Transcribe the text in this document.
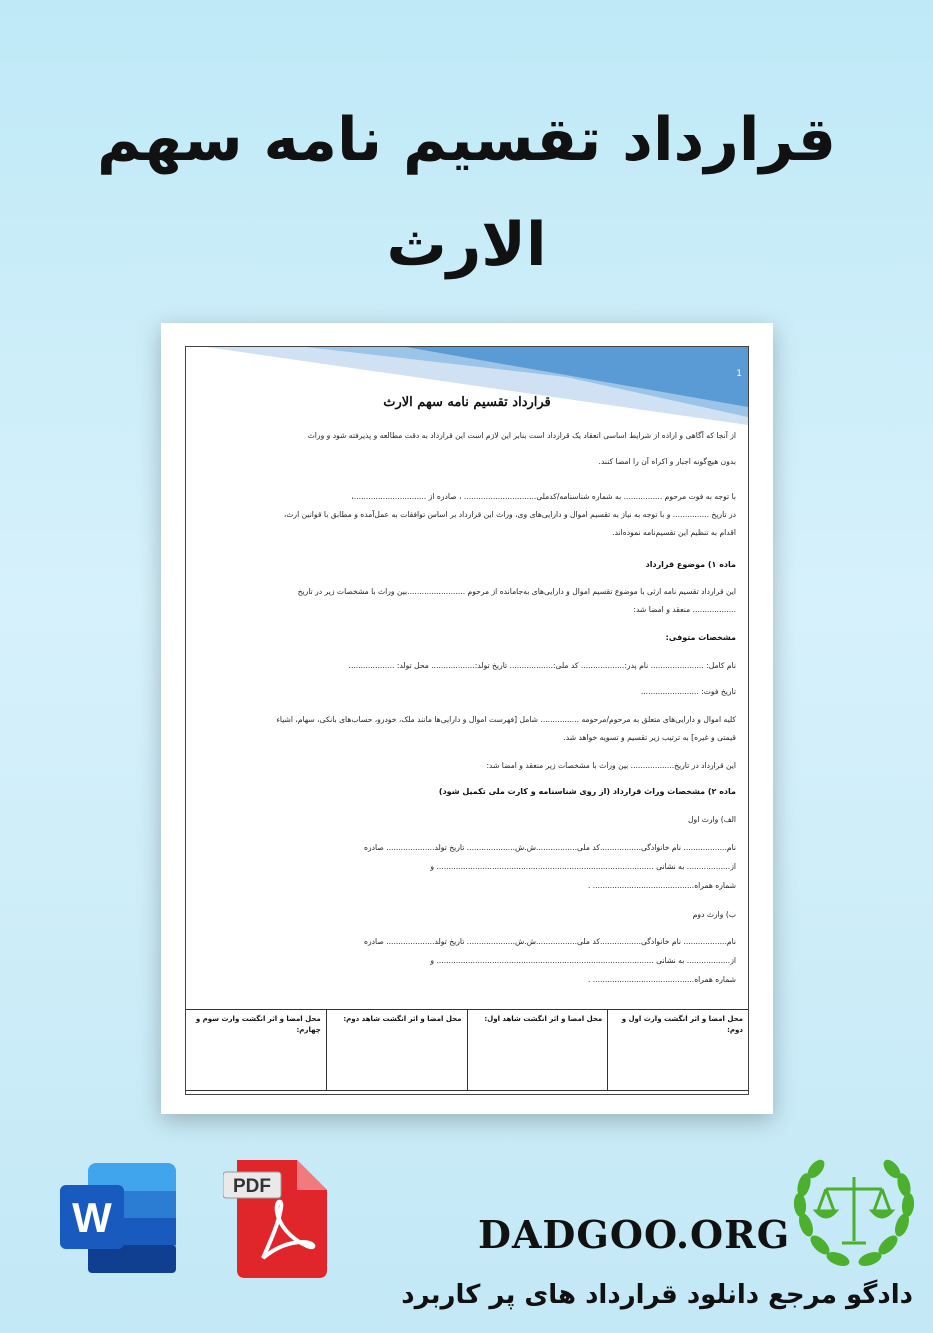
قرارداد تقسیم نامه سهم
الارث
1
قرارداد تقسیم نامه سهم الارث
از آنجا که آگاهی و اراده از شرایط اساسی انعقاد یک قرارداد است بنابر این لازم است این قرارداد به دقت مطالعه و پذیرفته شود و وراث
بدون هیچ‌گونه اجبار و اکراه آن را امضا کنند.
با توجه به فوت مرحوم ................ به شماره شناسنامه/کدملی.............................. ، صادره از ..............................،
در تاریخ ............... و با توجه به نیاز به تقسیم اموال و دارایی‌های وی، وراث این قرارداد بر اساس توافقات به عمل‌آمده و مطابق با قوانین ارث،
اقدام به تنظیم این تقسیم‌نامه نموده‌اند.
ماده ۱) موضوع قرارداد
این قرارداد تقسیم نامه ارثی با موضوع تقسیم اموال و دارایی‌های به‌جامانده از مرحوم ........................بین وراث با مشخصات زیر در تاریخ
.................. منعقد و امضا شد:
مشخصات متوفی:
نام کامل: ...................... نام پدر:.................. کد ملی:.................. تاریخ تولد:.................. محل تولد: ...................
تاریخ فوت: ........................
کلیه اموال و دارایی‌های متعلق به مرحوم/مرحومه ................ شامل [فهرست اموال و دارایی‌ها مانند ملک، خودرو، حساب‌های بانکی، سهام، اشیاء
قیمتی و غیره] به ترتیب زیر تقسیم و تسویه خواهد شد.
این قرارداد در تاریخ.................. بین وراث با مشخصات زیر منعقد و امضا شد:
ماده ۲) مشخصات وراث قرارداد (از روی شناسنامه و کارت ملی تکمیل شود)
الف) وارث اول
نام.................. نام خانوادگی.................کد ملی.................ش.ش.................... تاریخ تولد.................... صادره
از.................. به نشانی .......................................................................................... و
شماره همراه.......................................... .
ب) وارث دوم
نام.................. نام خانوادگی.................کد ملی.................ش.ش.................... تاریخ تولد.................... صادره
از.................. به نشانی .......................................................................................... و
شماره همراه.......................................... .
محل امضا و اثر انگشت وارث اول و دوم:
محل امضا و اثر انگشت شاهد اول:
محل امضا و اثر انگشت شاهد دوم:
محل امضا و اثر انگشت وارث سوم و چهارم:
W
PDF
DADGOO.ORG
دادگو مرجع دانلود قرارداد های پر کاربرد
